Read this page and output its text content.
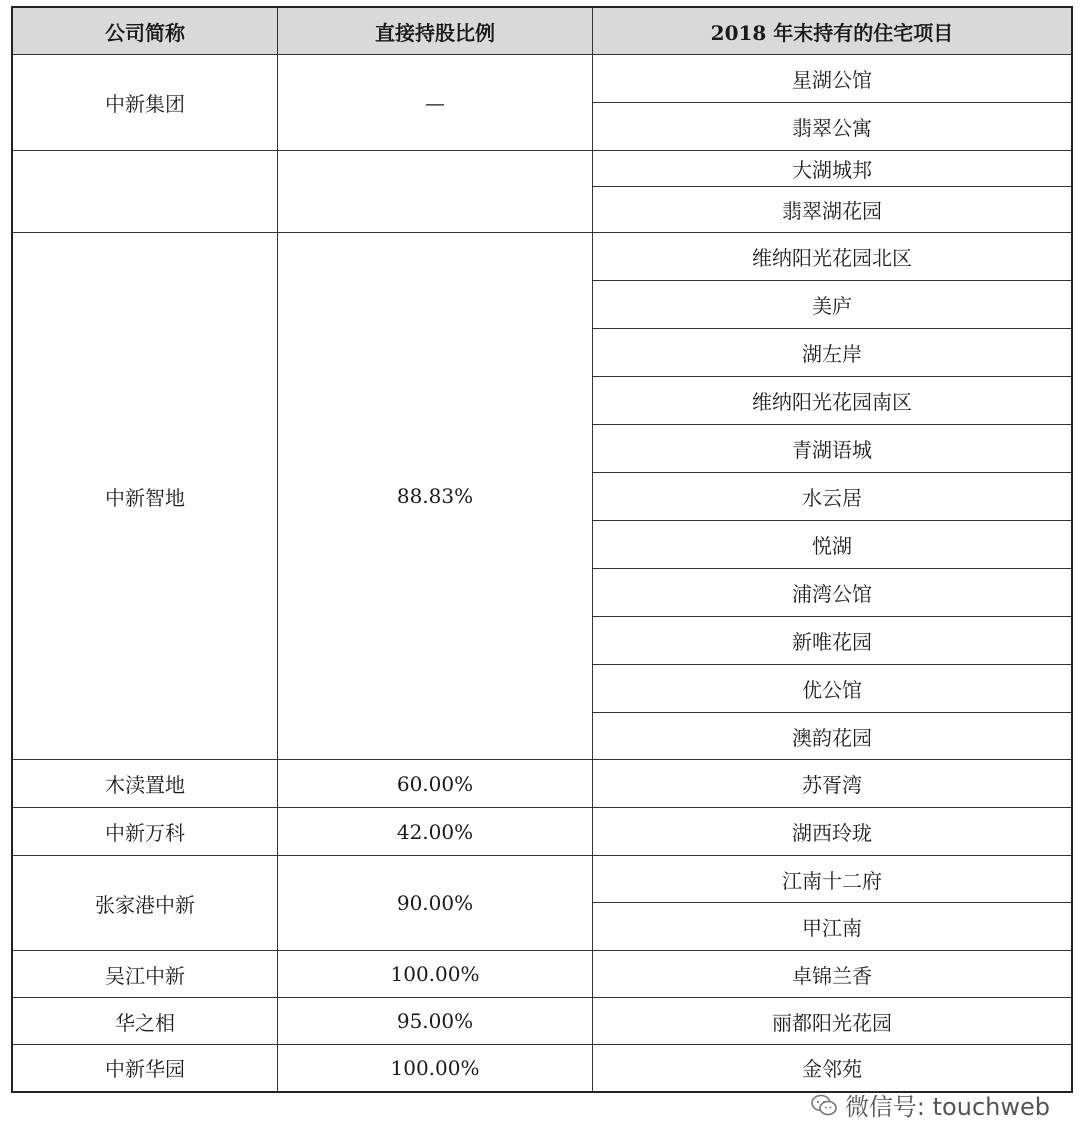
公司简称	直接持股比例	2018 年末持有的住宅项目
中新集团	—	星湖公馆
		翡翠公寓
		大湖城邦
		翡翠湖花园
中新智地	88.83%	维纳阳光花园北区
		美庐
		湖左岸
		维纳阳光花园南区
		青湖语城
		水云居
		悦湖
		浦湾公馆
		新唯花园
		优公馆
		澳韵花园
木渎置地	60.00%	苏胥湾
中新万科	42.00%	湖西玲珑
张家港中新	90.00%	江南十二府
		甲江南
吴江中新	100.00%	卓锦兰香
华之相	95.00%	丽都阳光花园
中新华园	100.00%	金邻苑
微信号: touchweb
